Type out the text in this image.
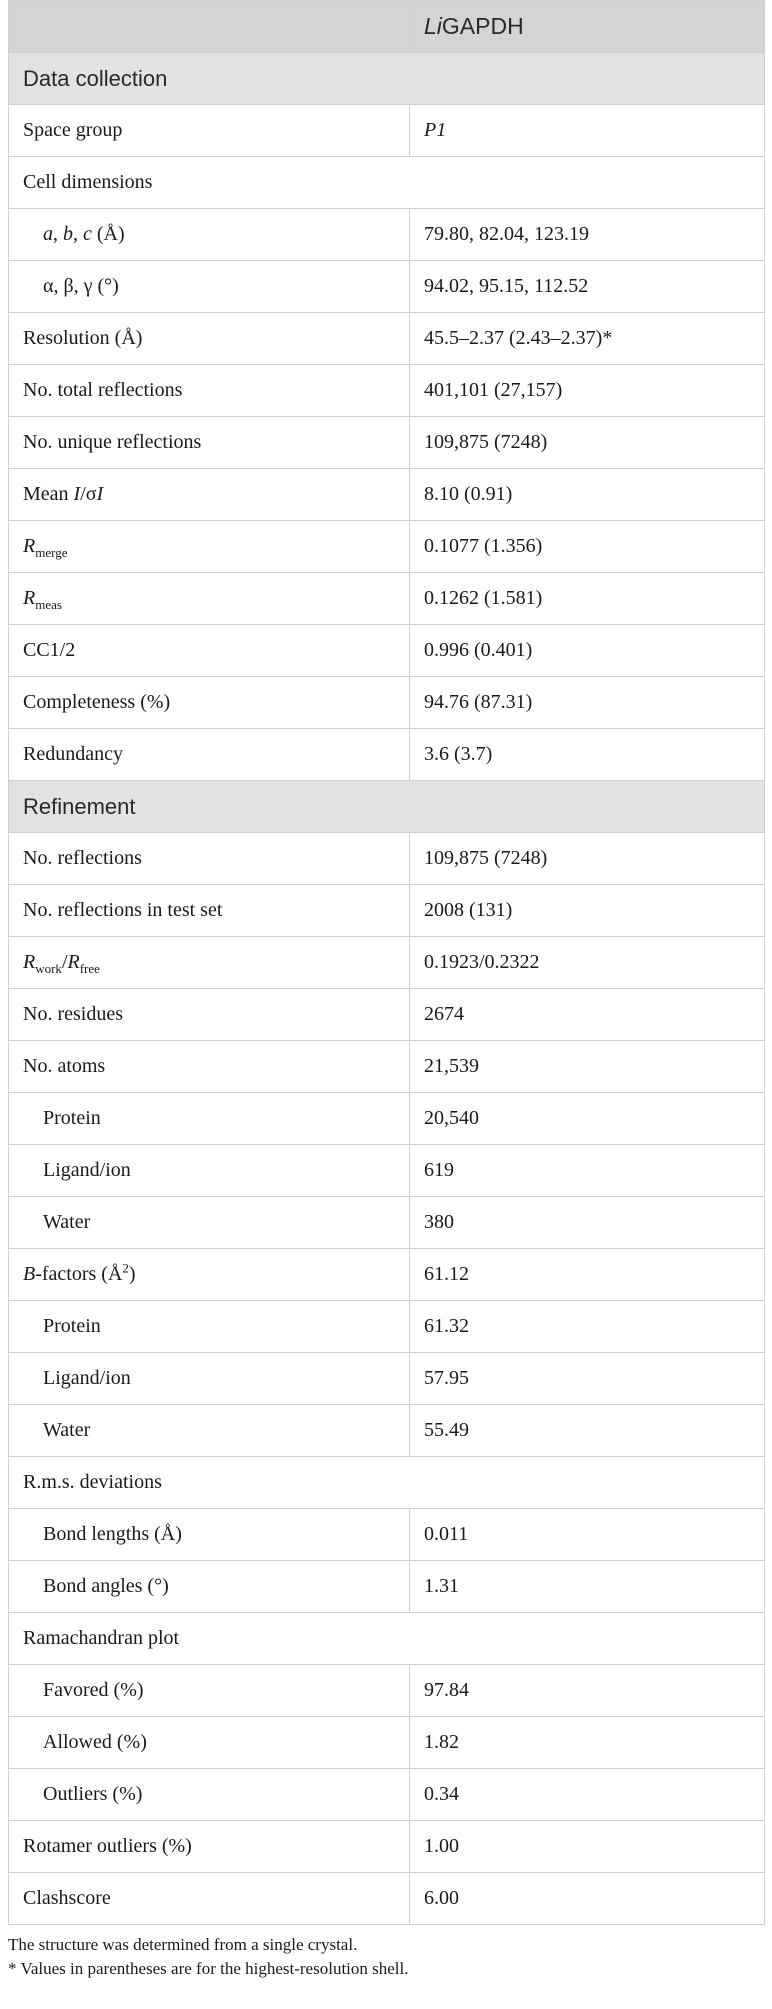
	LiGAPDH
Data collection	
Space group	P1
Cell dimensions	
a, b, c (Å)	79.80, 82.04, 123.19
α, β, γ (°)	94.02, 95.15, 112.52
Resolution (Å)	45.5–2.37 (2.43–2.37)*
No. total reflections	401,101 (27,157)
No. unique reflections	109,875 (7248)
Mean I/σI	8.10 (0.91)
$R_{merge}$	0.1077 (1.356)
$R_{meas}$	0.1262 (1.581)
CC1/2	0.996 (0.401)
Completeness (%)	94.76 (87.31)
Redundancy	3.6 (3.7)
Refinement	
No. reflections	109,875 (7248)
No. reflections in test set	2008 (131)
$R_{work}/R_{free}$	0.1923/0.2322
No. residues	2674
No. atoms	21,539
Protein	20,540
Ligand/ion	619
Water	380
B-factors $(Å^2)$	61.12
Protein	61.32
Ligand/ion	57.95
Water	55.49
R.m.s. deviations	
Bond lengths (Å)	0.011
Bond angles (°)	1.31
Ramachandran plot	
Favored (%)	97.84
Allowed (%)	1.82
Outliers (%)	0.34
Rotamer outliers (%)	1.00
Clashscore	6.00

The structure was determined from a single crystal.

* Values in parentheses are for the highest-resolution shell.
